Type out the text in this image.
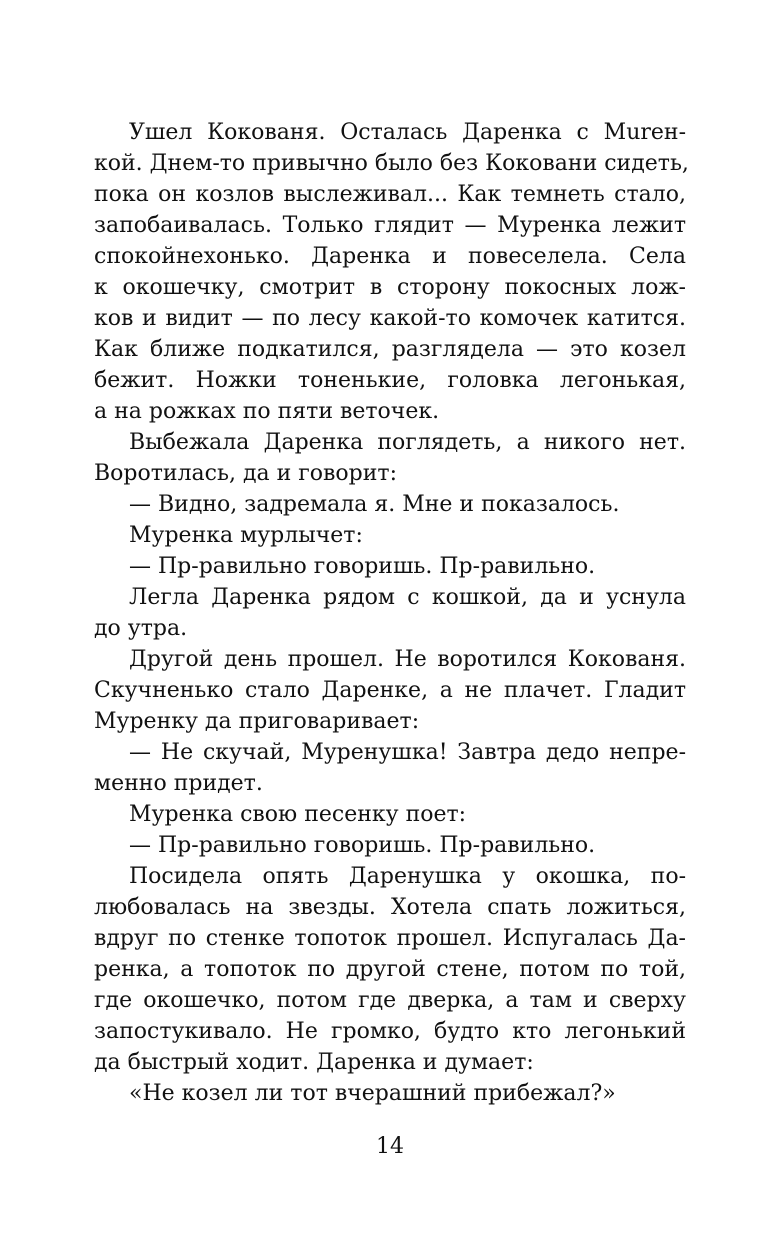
Ушел Кокованя. Осталась Даренка с Murен-
кой. Днем-то привычно было без Коковани сидеть,
пока он козлов выслеживал... Как темнеть стало,
запобаивалась. Только глядит — Муренка лежит
спокойнехонько. Даренка и повеселела. Села
к окошечку, смотрит в сторону покосных лож-
ков и видит — по лесу какой-то комочек катится.
Как ближе подкатился, разглядела — это козел
бежит. Ножки тоненькие, головка легонькая,
а на рожках по пяти веточек.
Выбежала Даренка поглядеть, а никого нет.
Воротилась, да и говорит:
— Видно, задремала я. Мне и показалось.
Муренка мурлычет:
— Пр-равильно говоришь. Пр-равильно.
Легла Даренка рядом с кошкой, да и уснула
до утра.
Другой день прошел. Не воротился Кокованя.
Скучненько стало Даренке, а не плачет. Гладит
Муренку да приговаривает:
— Не скучай, Муренушка! Завтра дедо непре-
менно придет.
Муренка свою песенку поет:
— Пр-равильно говоришь. Пр-равильно.
Посидела опять Даренушка у окошка, по-
любовалась на звезды. Хотела спать ложиться,
вдруг по стенке топоток прошел. Испугалась Да-
ренка, а топоток по другой стене, потом по той,
где окошечко, потом где дверка, а там и сверху
запостукивало. Не громко, будто кто легонький
да быстрый ходит. Даренка и думает:
«Не козел ли тот вчерашний прибежал?»
14
